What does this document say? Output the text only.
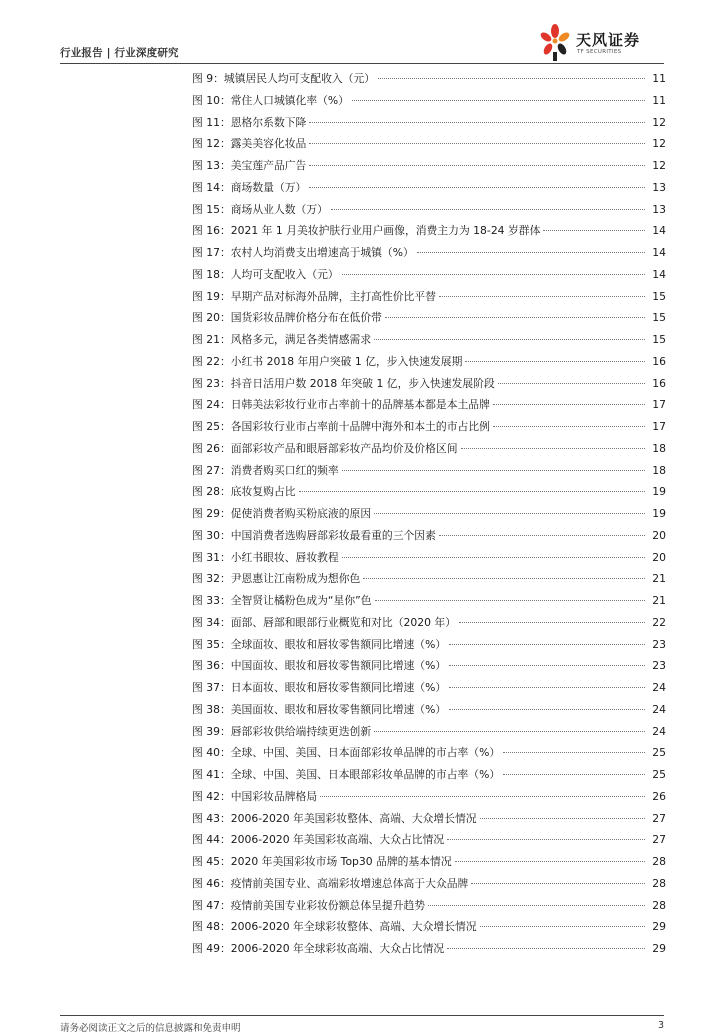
行业报告 | 行业深度研究
天风证券
TF SECURITIES
图 9：城镇居民人均可支配收入（元）	11
图 10：常住人口城镇化率（%）	11
图 11：恩格尔系数下降	12
图 12：露美美容化妆品	12
图 13：美宝莲产品广告	12
图 14：商场数量（万）	13
图 15：商场从业人数（万）	13
图 16：2021 年 1 月美妆护肤行业用户画像，消费主力为 18-24 岁群体	14
图 17：农村人均消费支出增速高于城镇（%）	14
图 18：人均可支配收入（元）	14
图 19：早期产品对标海外品牌，主打高性价比平替	15
图 20：国货彩妆品牌价格分布在低价带	15
图 21：风格多元，满足各类情感需求	15
图 22：小红书 2018 年用户突破 1 亿，步入快速发展期	16
图 23：抖音日活用户数 2018 年突破 1 亿，步入快速发展阶段	16
图 24：日韩美法彩妆行业市占率前十的品牌基本都是本土品牌	17
图 25：各国彩妆行业市占率前十品牌中海外和本土的市占比例	17
图 26：面部彩妆产品和眼唇部彩妆产品均价及价格区间	18
图 27：消费者购买口红的频率	18
图 28：底妆复购占比	19
图 29：促使消费者购买粉底液的原因	19
图 30：中国消费者选购唇部彩妆最看重的三个因素	20
图 31：小红书眼妆、唇妆教程	20
图 32：尹恩惠让江南粉成为想你色	21
图 33：全智贤让橘粉色成为“星你”色	21
图 34：面部、唇部和眼部行业概览和对比（2020 年）	22
图 35：全球面妆、眼妆和唇妆零售额同比增速（%）	23
图 36：中国面妆、眼妆和唇妆零售额同比增速（%）	23
图 37：日本面妆、眼妆和唇妆零售额同比增速（%）	24
图 38：美国面妆、眼妆和唇妆零售额同比增速（%）	24
图 39：唇部彩妆供给端持续更迭创新	24
图 40：全球、中国、美国、日本面部彩妆单品牌的市占率（%）	25
图 41：全球、中国、美国、日本眼部彩妆单品牌的市占率（%）	25
图 42：中国彩妆品牌格局	26
图 43：2006-2020 年美国彩妆整体、高端、大众增长情况	27
图 44：2006-2020 年美国彩妆高端、大众占比情况	27
图 45：2020 年美国彩妆市场 Top30 品牌的基本情况	28
图 46：疫情前美国专业、高端彩妆增速总体高于大众品牌	28
图 47：疫情前美国专业彩妆份额总体呈提升趋势	28
图 48：2006-2020 年全球彩妆整体、高端、大众增长情况	29
图 49：2006-2020 年全球彩妆高端、大众占比情况	29
请务必阅读正文之后的信息披露和免责申明	3
